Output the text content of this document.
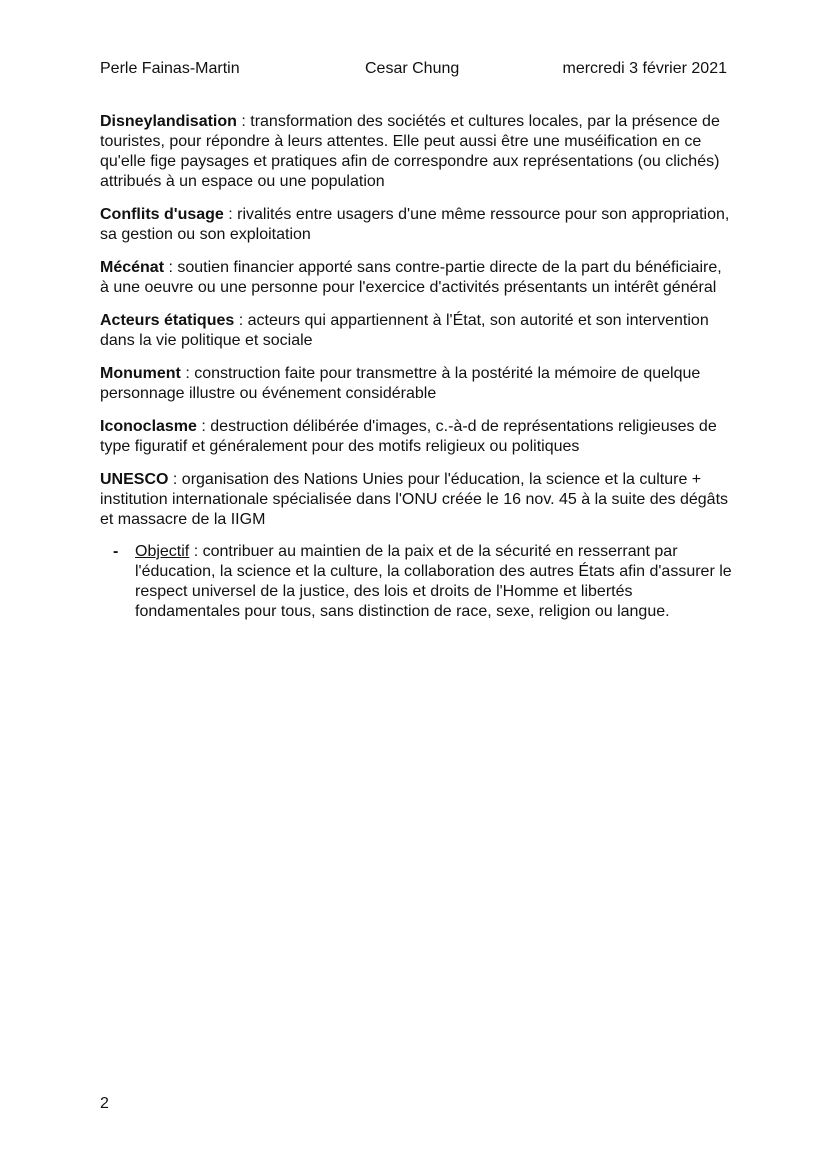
Perle Fainas-Martin	Cesar Chung	mercredi 3 février 2021

Disneylandisation : transformation des sociétés et cultures locales, par la présence de touristes, pour répondre à leurs attentes. Elle peut aussi être une muséification en ce qu'elle fige paysages et pratiques afin de correspondre aux représentations (ou clichés) attribués à un espace ou une population

Conflits d'usage : rivalités entre usagers d'une même ressource pour son appropriation, sa gestion ou son exploitation

Mécénat : soutien financier apporté sans contre-partie directe de la part du bénéficiaire, à une oeuvre ou une personne pour l'exercice d'activités présentants un intérêt général

Acteurs étatiques : acteurs qui appartiennent à l'État, son autorité et son intervention dans la vie politique et sociale

Monument : construction faite pour transmettre à la postérité la mémoire de quelque personnage illustre ou événement considérable

Iconoclasme : destruction délibérée d'images, c.-à-d de représentations religieuses de type figuratif et généralement pour des motifs religieux ou politiques

UNESCO : organisation des Nations Unies pour l'éducation, la science et la culture + institution internationale spécialisée dans l'ONU créée le 16 nov. 45 à la suite des dégâts et massacre de la IIGM

- Objectif : contribuer au maintien de la paix et de la sécurité en resserrant par l'éducation, la science et la culture, la collaboration des autres États afin d'assurer le respect universel de la justice, des lois et droits de l'Homme et libertés fondamentales pour tous, sans distinction de race, sexe, religion ou langue.

2
